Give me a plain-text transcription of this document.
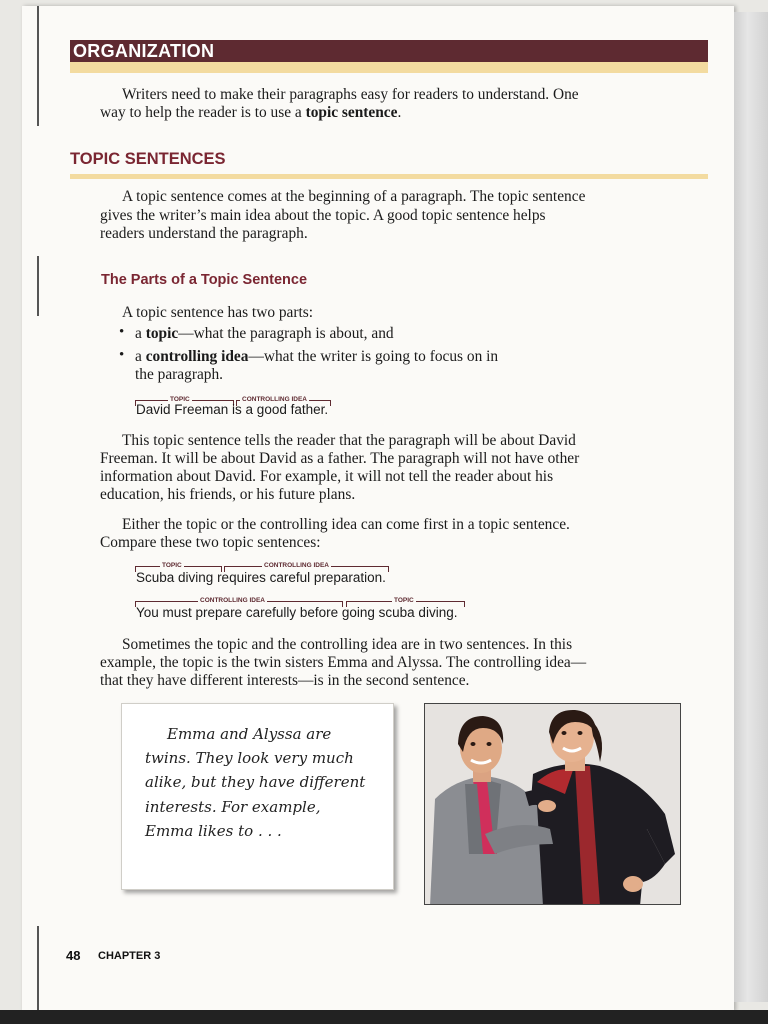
ORGANIZATION
Writers need to make their paragraphs easy for readers to understand. One
way to help the reader is to use a topic sentence.
TOPIC SENTENCES
A topic sentence comes at the beginning of a paragraph. The topic sentence
gives the writer’s main idea about the topic. A good topic sentence helps
readers understand the paragraph.
The Parts of a Topic Sentence
A topic sentence has two parts:
• a topic—what the paragraph is about, and
• a controlling idea—what the writer is going to focus on in
the paragraph.
TOPIC	CONTROLLING IDEA
David Freeman is a good father.
This topic sentence tells the reader that the paragraph will be about David
Freeman. It will be about David as a father. The paragraph will not have other
information about David. For example, it will not tell the reader about his
education, his friends, or his future plans.
Either the topic or the controlling idea can come first in a topic sentence.
Compare these two topic sentences:
TOPIC	CONTROLLING IDEA
Scuba diving requires careful preparation.
CONTROLLING IDEA	TOPIC
You must prepare carefully before going scuba diving.
Sometimes the topic and the controlling idea are in two sentences. In this
example, the topic is the twin sisters Emma and Alyssa. The controlling idea—
that they have different interests—is in the second sentence.
Emma and Alyssa are
twins. They look very much
alike, but they have different
interests. For example,
Emma likes to . . .
48 CHAPTER 3
